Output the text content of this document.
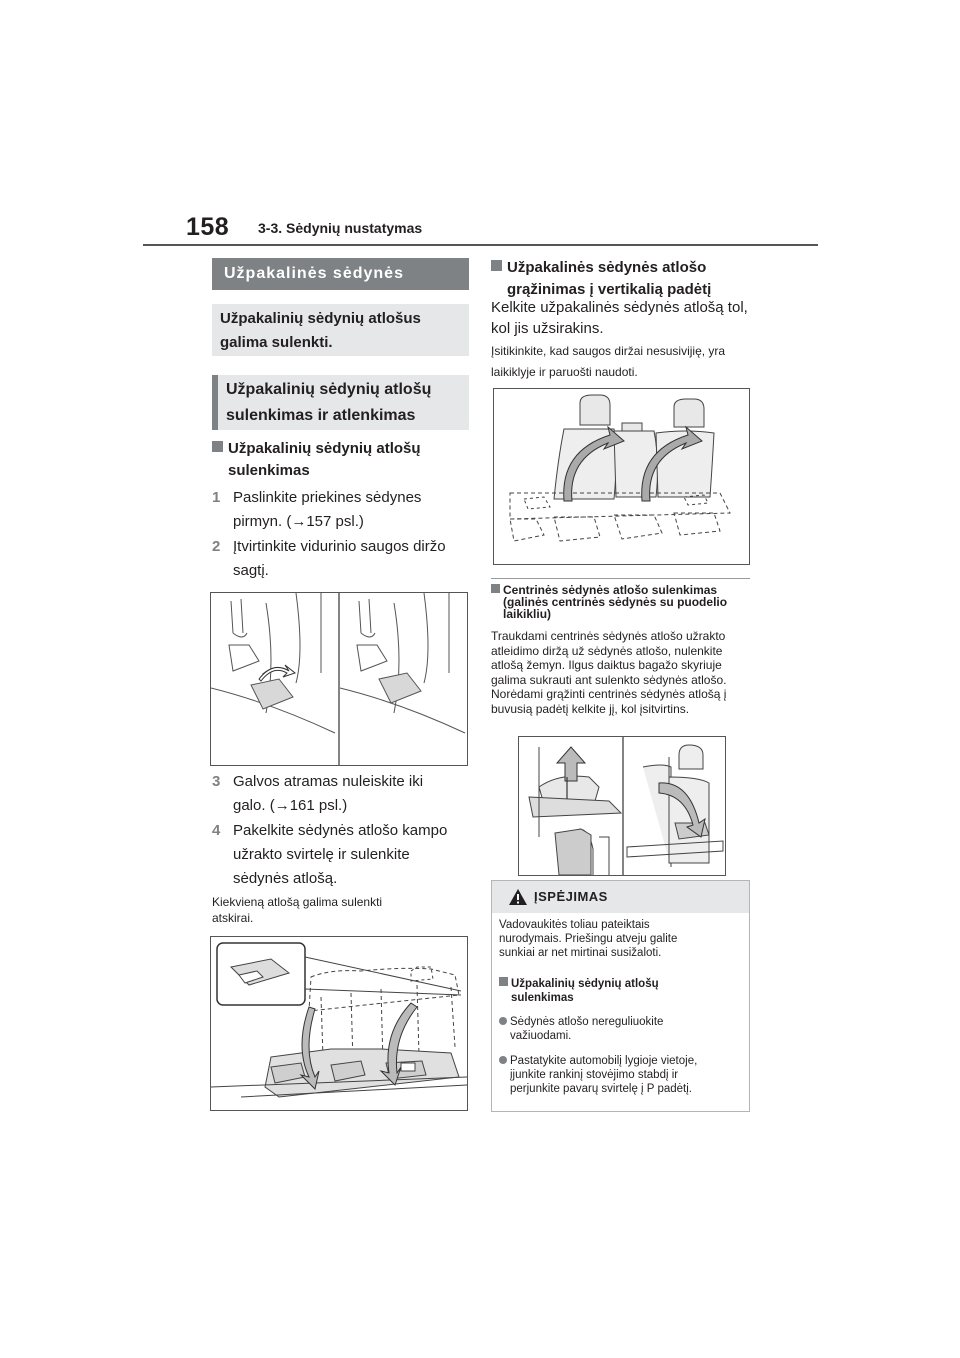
158 3-3. Sėdynių nustatymas
Užpakalinės sėdynės
Užpakalinių sėdynių atlošus
galima sulenkti.
Užpakalinių sėdynių atlošų
sulenkimas ir atlenkimas
Užpakalinių sėdynių atlošų
sulenkimas
1 Paslinkite priekines sėdynes
pirmyn. (→157 psl.)
2 Įtvirtinkite vidurinio saugos diržo
sagtį.
3 Galvos atramas nuleiskite iki
galo. (→161 psl.)
4 Pakelkite sėdynės atlošo kampo
užrakto svirtelę ir sulenkite
sėdynės atlošą.
Kiekvieną atlošą galima sulenkti
atskirai.
Užpakalinės sėdynės atlošo
grąžinimas į vertikalią padėtį
Kelkite užpakalinės sėdynės atlošą tol,
kol jis užsirakins.
Įsitikinkite, kad saugos diržai nesusivijię, yra
laikiklyje ir paruošti naudoti.
Centrinės sėdynės atlošo sulenkimas
(galinės centrinės sėdynės su puodelio
laikikliu)
Traukdami centrinės sėdynės atlošo užrakto
atleidimo diržą už sėdynės atlošo, nulenkite
atlošą žemyn. Ilgus daiktus bagažo skyriuje
galima sukrauti ant sulenkto sėdynės atlošo.
Norėdami grąžinti centrinės sėdynės atlošą į
buvusią padėtį kelkite jį, kol įsitvirtins.
ĮSPĖJIMAS
Vadovaukitės toliau pateiktais
nurodymais. Priešingu atveju galite
sunkiai ar net mirtinai susižaloti.
Užpakalinių sėdynių atlošų
sulenkimas
Sėdynės atlošo nereguliuokite
važiuodami.
Pastatykite automobilį lygioje vietoje,
įjunkite rankinį stovėjimo stabdį ir
perjunkite pavarų svirtelę į P padėtį.
